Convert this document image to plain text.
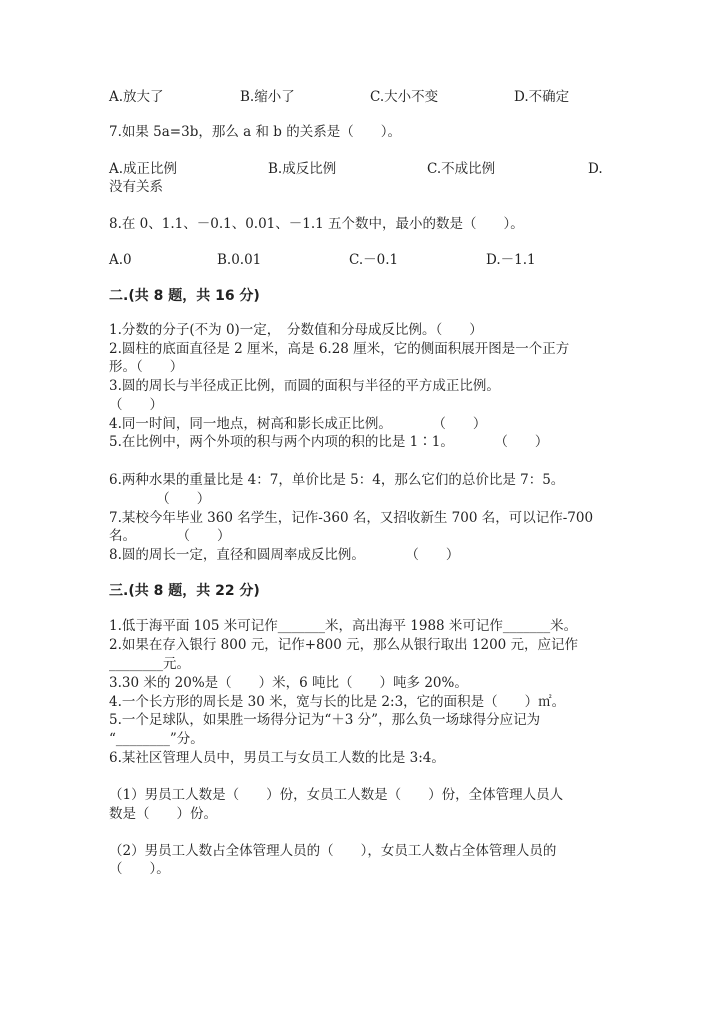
A.放大了	B.缩小了	C.大小不变	D.不确定
7.如果 5a=3b，那么 a 和 b 的关系是（　　）。
A.成正比例	B.成反比例	C.不成比例	D.
没有关系
8.在 0、1.1、－0.1、0.01、－1.1 五个数中，最小的数是（　　）。
A.0	B.0.01	C.－0.1	D.－1.1
二.(共 8 题，共 16 分)
1.分数的分子(不为 0)一定，　分数值和分母成反比例。（　　）
2.圆柱的底面直径是 2 厘米，高是 6.28 厘米，它的侧面积展开图是一个正方
形。（　　）
3.圆的周长与半径成正比例，而圆的面积与半径的平方成正比例。
（　　）
4.同一时间，同一地点，树高和影长成正比例。　　　　（　　）
5.在比例中，两个外项的积与两个内项的积的比是 1∶1。　　　　（　　）
6.两种水果的重量比是 4：7，单价比是 5：4，那么它们的总价比是 7：5。
　　　　（　　）
7.某校今年毕业 360 名学生，记作-360 名，又招收新生 700 名，可以记作-700
名。　　　　（　　）
8.圆的周长一定，直径和圆周率成反比例。　　　　（　　）
三.(共 8 题，共 22 分)
1.低于海平面 105 米可记作_______米，高出海平 1988 米可记作_______米。
2.如果在存入银行 800 元，记作+800 元，那么从银行取出 1200 元，应记作
________元。
3.30 米的 20%是（　　）米，6 吨比（　　）吨多 20%。
4.一个长方形的周长是 30 米，宽与长的比是 2:3，它的面积是（　　）㎡。
5.一个足球队，如果胜一场得分记为“＋3 分”，那么负一场球得分应记为
“________”分。
6.某社区管理人员中，男员工与女员工人数的比是 3:4。
（1）男员工人数是（　　）份，女员工人数是（　　）份，全体管理人员人
数是（　　）份。
（2）男员工人数占全体管理人员的（　　），女员工人数占全体管理人员的
（　　）。
